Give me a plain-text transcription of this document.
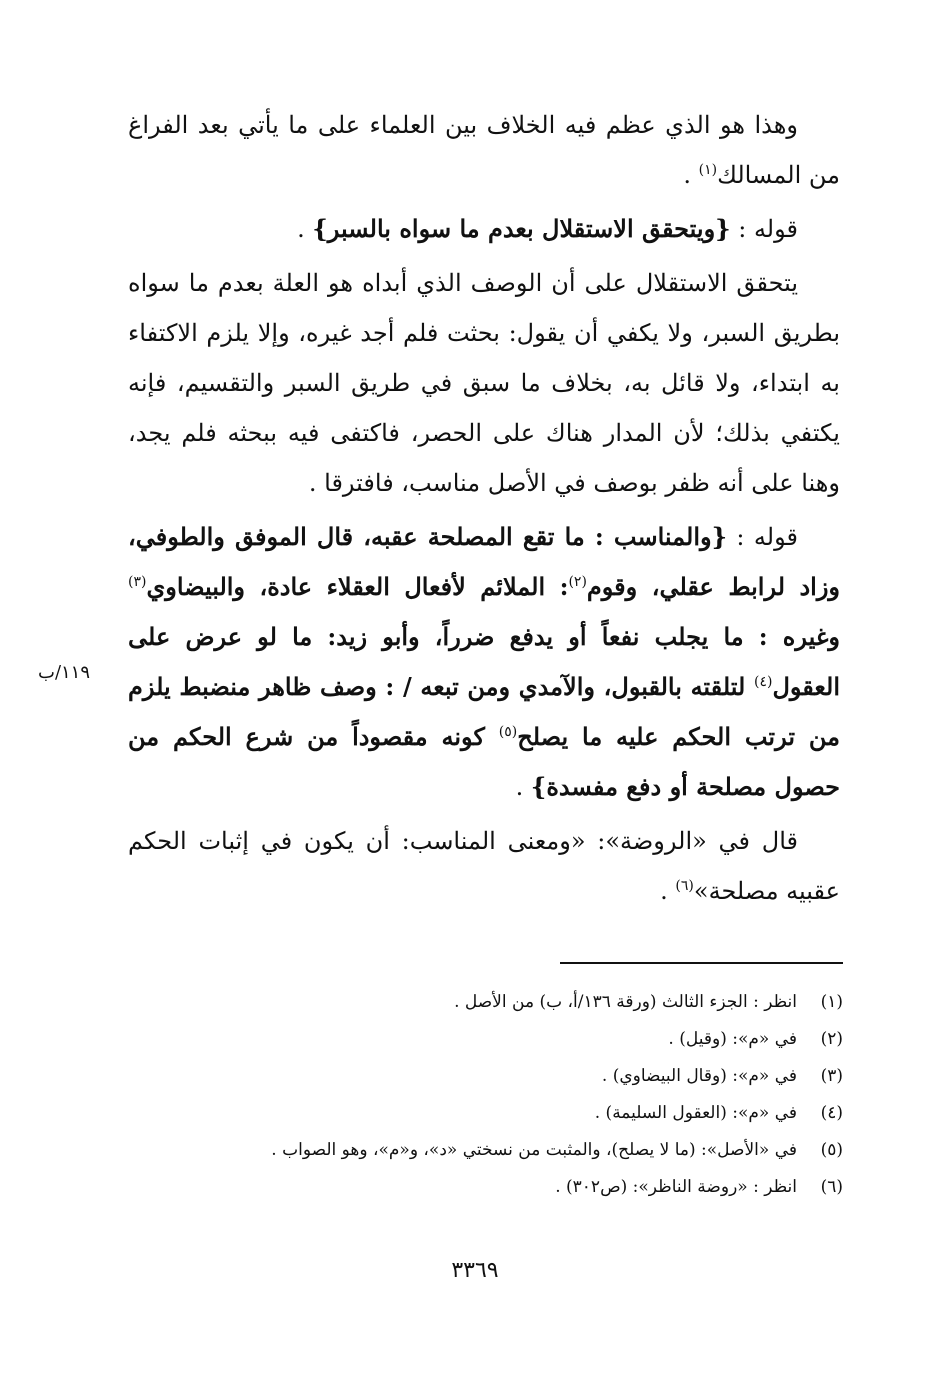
وهذا هو الذي عظم فيه الخلاف بين العلماء على ما يأتي بعد الفراغ من المسالك$^{(١)}$ .

قوله : {ويتحقق الاستقلال بعدم ما سواه بالسبر} .

يتحقق الاستقلال على أن الوصف الذي أبداه هو العلة بعدم ما سواه بطريق السبر، ولا يكفي أن يقول: بحثت فلم أجد غيره، وإلا يلزم الاكتفاء به ابتداء، ولا قائل به، بخلاف ما سبق في طريق السبر والتقسيم، فإنه يكتفي بذلك؛ لأن المدار هناك على الحصر، فاكتفى فيه ببحثه فلم يجد، وهنا على أنه ظفر بوصف في الأصل مناسب، فافترقا .

قوله : {والمناسب : ما تقع المصلحة عقبه، قال الموفق والطوفي، وزاد لرابط عقلي، وقوم$^{(٢)}$: الملائم لأفعال العقلاء عادة، والبيضاوي$^{(٣)}$ وغيره : ما يجلب نفعاً أو يدفع ضرراً، وأبو زيد: ما لو عرض على العقول$^{(٤)}$ لتلقته بالقبول، والآمدي ومن تبعه / : وصف ظاهر منضبط يلزم من ترتب الحكم عليه ما يصلح$^{(٥)}$ كونه مقصوداً من شرع الحكم من حصول مصلحة أو دفع مفسدة} .

قال في «الروضة»: «ومعنى المناسب: أن يكون في إثبات الحكم عقبيه مصلحة»$^{(٦)}$ .

١١٩/ب
(١)
انظر : الجزء الثالث (ورقة ١٣٦/أ، ب) من الأصل .
(٢)
في «م»: (وقيل) .
(٣)
في «م»: (وقال البيضاوي) .
(٤)
في «م»: (العقول السليمة) .
(٥)
في «الأصل»: (ما لا يصلح)، والمثبت من نسختي «د»، و«م»، وهو الصواب .
(٦)
انظر : «روضة الناظر»: (ص٣٠٢) .
٣٣٦٩
